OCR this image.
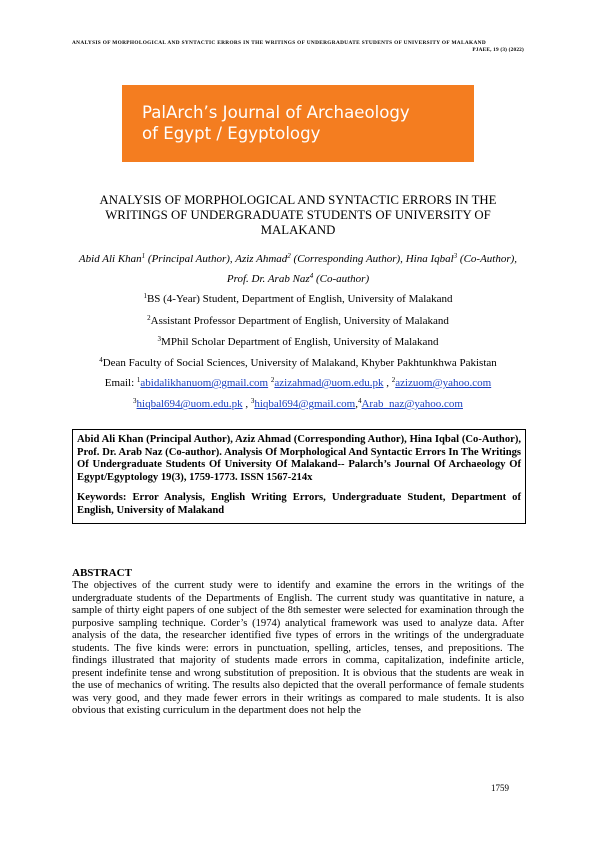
ANALYSIS OF MORPHOLOGICAL AND SYNTACTIC ERRORS IN THE WRITINGS OF UNDERGRADUATE STUDENTS OF UNIVERSITY OF MALAKAND
PJAEE, 19 (3) (2022)
PalArch’s Journal of Archaeology
of Egypt / Egyptology
ANALYSIS OF MORPHOLOGICAL AND SYNTACTIC ERRORS IN THE WRITINGS OF UNDERGRADUATE STUDENTS OF UNIVERSITY OF MALAKAND
Abid Ali Khan$^1$ (Principal Author), Aziz Ahmad$^2$ (Corresponding Author), Hina Iqbal$^3$ (Co-Author), Prof. Dr. Arab Naz$^4$ (Co-author)
$^1$BS (4-Year) Student, Department of English, University of Malakand
$^2$Assistant Professor Department of English, University of Malakand
$^3$MPhil Scholar Department of English, University of Malakand
$^4$Dean Faculty of Social Sciences, University of Malakand, Khyber Pakhtunkhwa Pakistan
Email: $^1$abidalikhanuom@gmail.com $^2$azizahmad@uom.edu.pk , $^2$azizuom@yahoo.com
$^3$hiqbal694@uom.edu.pk , $^3$hiqbal694@gmail.com,$^4$Arab_naz@yahoo.com

Abid Ali Khan (Principal Author), Aziz Ahmad (Corresponding Author), Hina Iqbal (Co-Author), Prof. Dr. Arab Naz (Co-author). Analysis Of Morphological And Syntactic Errors In The Writings Of Undergraduate Students Of University Of Malakand-- Palarch’s Journal Of Archaeology Of Egypt/Egyptology 19(3), 1759-1773. ISSN 1567-214x

Keywords: Error Analysis, English Writing Errors, Undergraduate Student, Department of English, University of Malakand

ABSTRACT

The objectives of the current study were to identify and examine the errors in the writings of the undergraduate students of the Departments of English. The current study was quantitative in nature, a sample of thirty eight papers of one subject of the 8th semester were selected for examination through the purposive sampling technique. Corder’s (1974) analytical framework was used to analyze data. After analysis of the data, the researcher identified five types of errors in the writings of the undergraduate students. The five kinds were: errors in punctuation, spelling, articles, tenses, and prepositions. The findings illustrated that majority of students made errors in comma, capitalization, indefinite article, present indefinite tense and wrong substitution of preposition. It is obvious that the students are weak in the use of mechanics of writing. The results also depicted that the overall performance of female students was very good, and they made fewer errors in their writings as compared to male students. It is also obvious that existing curriculum in the department does not help the

1759
